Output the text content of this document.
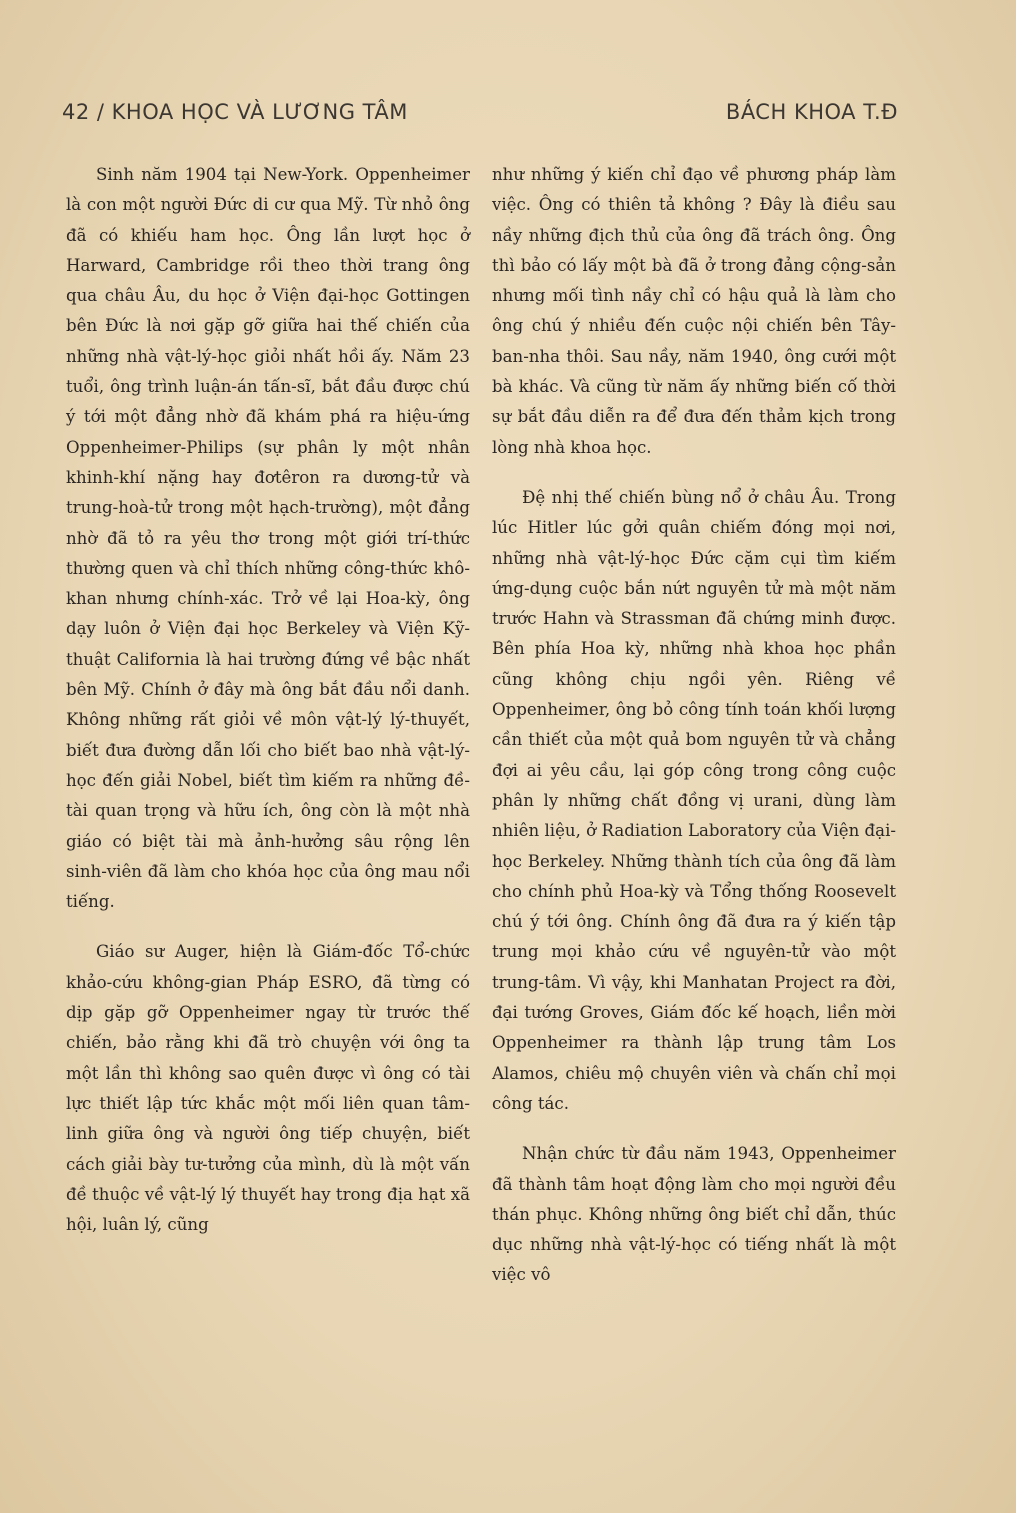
42 / KHOA HỌC VÀ LƯƠNG TÂM	BÁCH KHOA T.Đ

Sinh năm 1904 tại New-York. Oppenheimer là con một người Đức di cư qua Mỹ. Từ nhỏ ông đã có khiếu ham học. Ông lần lượt học ở Harward, Cambridge rồi theo thời trang ông qua châu Âu, du học ở Viện đại-học Gottingen bên Đức là nơi gặp gỡ giữa hai thế chiến của những nhà vật-lý-học giỏi nhất hồi ấy. Năm 23 tuổi, ông trình luận-án tấn-sĩ, bắt đầu được chú ý tới một đẳng nhờ đã khám phá ra hiệu-ứng Oppenheimer-Philips (sự phân ly một nhân khinh-khí nặng hay đơtêron ra dương-tử và trung-hoà-tử trong một hạch-trường), một đẳng nhờ đã tỏ ra yêu thơ trong một giới trí-thức thường quen và chỉ thích những công-thức khô-khan nhưng chính-xác. Trở về lại Hoa-kỳ, ông dạy luôn ở Viện đại học Berkeley và Viện Kỹ-thuật California là hai trường đứng về bậc nhất bên Mỹ. Chính ở đây mà ông bắt đầu nổi danh. Không những rất giỏi về môn vật-lý lý-thuyết, biết đưa đường dẫn lối cho biết bao nhà vật-lý-học đến giải Nobel, biết tìm kiếm ra những đề-tài quan trọng và hữu ích, ông còn là một nhà giáo có biệt tài mà ảnh-hưởng sâu rộng lên sinh-viên đã làm cho khóa học của ông mau nổi tiếng.

Giáo sư Auger, hiện là Giám-đốc Tổ-chức khảo-cứu không-gian Pháp ESRO, đã từng có dịp gặp gỡ Oppenheimer ngay từ trước thế chiến, bảo rằng khi đã trò chuyện với ông ta một lần thì không sao quên được vì ông có tài lực thiết lập tức khắc một mối liên quan tâm-linh giữa ông và người ông tiếp chuyện, biết cách giải bày tư-tưởng của mình, dù là một vấn đề thuộc về vật-lý lý thuyết hay trong địa hạt xã hội, luân lý, cũng

như những ý kiến chỉ đạo về phương pháp làm việc. Ông có thiên tả không ? Đây là điều sau nầy những địch thủ của ông đã trách ông. Ông thì bảo có lấy một bà đã ở trong đảng cộng-sản nhưng mối tình nầy chỉ có hậu quả là làm cho ông chú ý nhiều đến cuộc nội chiến bên Tây-ban-nha thôi. Sau nầy, năm 1940, ông cưới một bà khác. Và cũng từ năm ấy những biến cố thời sự bắt đầu diễn ra để đưa đến thảm kịch trong lòng nhà khoa học.

Đệ nhị thế chiến bùng nổ ở châu Âu. Trong lúc Hitler lúc gởi quân chiếm đóng mọi nơi, những nhà vật-lý-học Đức cặm cụi tìm kiếm ứng-dụng cuộc bắn nứt nguyên tử mà một năm trước Hahn và Strassman đã chứng minh được. Bên phía Hoa kỳ, những nhà khoa học phần cũng không chịu ngồi yên. Riêng về Oppenheimer, ông bỏ công tính toán khối lượng cần thiết của một quả bom nguyên tử và chẳng đợi ai yêu cầu, lại góp công trong công cuộc phân ly những chất đồng vị urani, dùng làm nhiên liệu, ở Radiation Laboratory của Viện đại-học Berkeley. Những thành tích của ông đã làm cho chính phủ Hoa-kỳ và Tổng thống Roosevelt chú ý tới ông. Chính ông đã đưa ra ý kiến tập trung mọi khảo cứu về nguyên-tử vào một trung-tâm. Vì vậy, khi Manhatan Project ra đời, đại tướng Groves, Giám đốc kế hoạch, liền mời Oppenheimer ra thành lập trung tâm Los Alamos, chiêu mộ chuyên viên và chấn chỉ mọi công tác.

Nhận chức từ đầu năm 1943, Oppenheimer đã thành tâm hoạt động làm cho mọi người đều thán phục. Không những ông biết chỉ dẫn, thúc dục những nhà vật-lý-học có tiếng nhất là một việc vô
